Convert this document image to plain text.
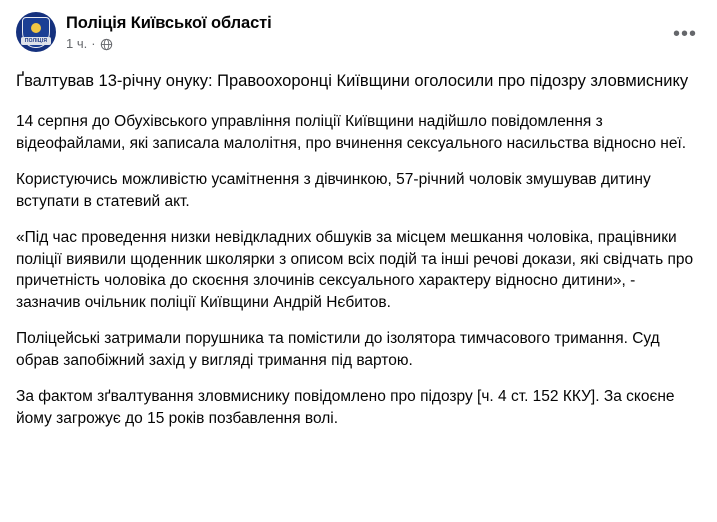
ПОЛІЦІЯ
Поліція Київської області
1 ч. ·	•••

Ґвалтував 13-річну онуку: Правоохоронці Київщини оголосили про підозру зловмиснику

14 серпня до Обухівського управління поліції Київщини надійшло повідомлення з відеофайлами, які записала малолітня, про вчинення сексуального насильства відносно неї.

Користуючись можливістю усамітнення з дівчинкою, 57-річний чоловік змушував дитину вступати в статевий акт.

«Під час проведення низки невідкладних обшуків за місцем мешкання чоловіка, працівники поліції виявили щоденник школярки з описом всіх подій та інші речові докази, які свідчать про причетність чоловіка до скоєння злочинів сексуального характеру відносно дитини», - зазначив очільник поліції Київщини Андрій Нєбитов.

Поліцейські затримали порушника та помістили до ізолятора тимчасового тримання. Суд обрав запобіжний захід у вигляді тримання під вартою.

За фактом зґвалтування зловмиснику повідомлено про підозру [ч. 4 ст. 152 ККУ]. За скоєне йому загрожує до 15 років позбавлення волі.
